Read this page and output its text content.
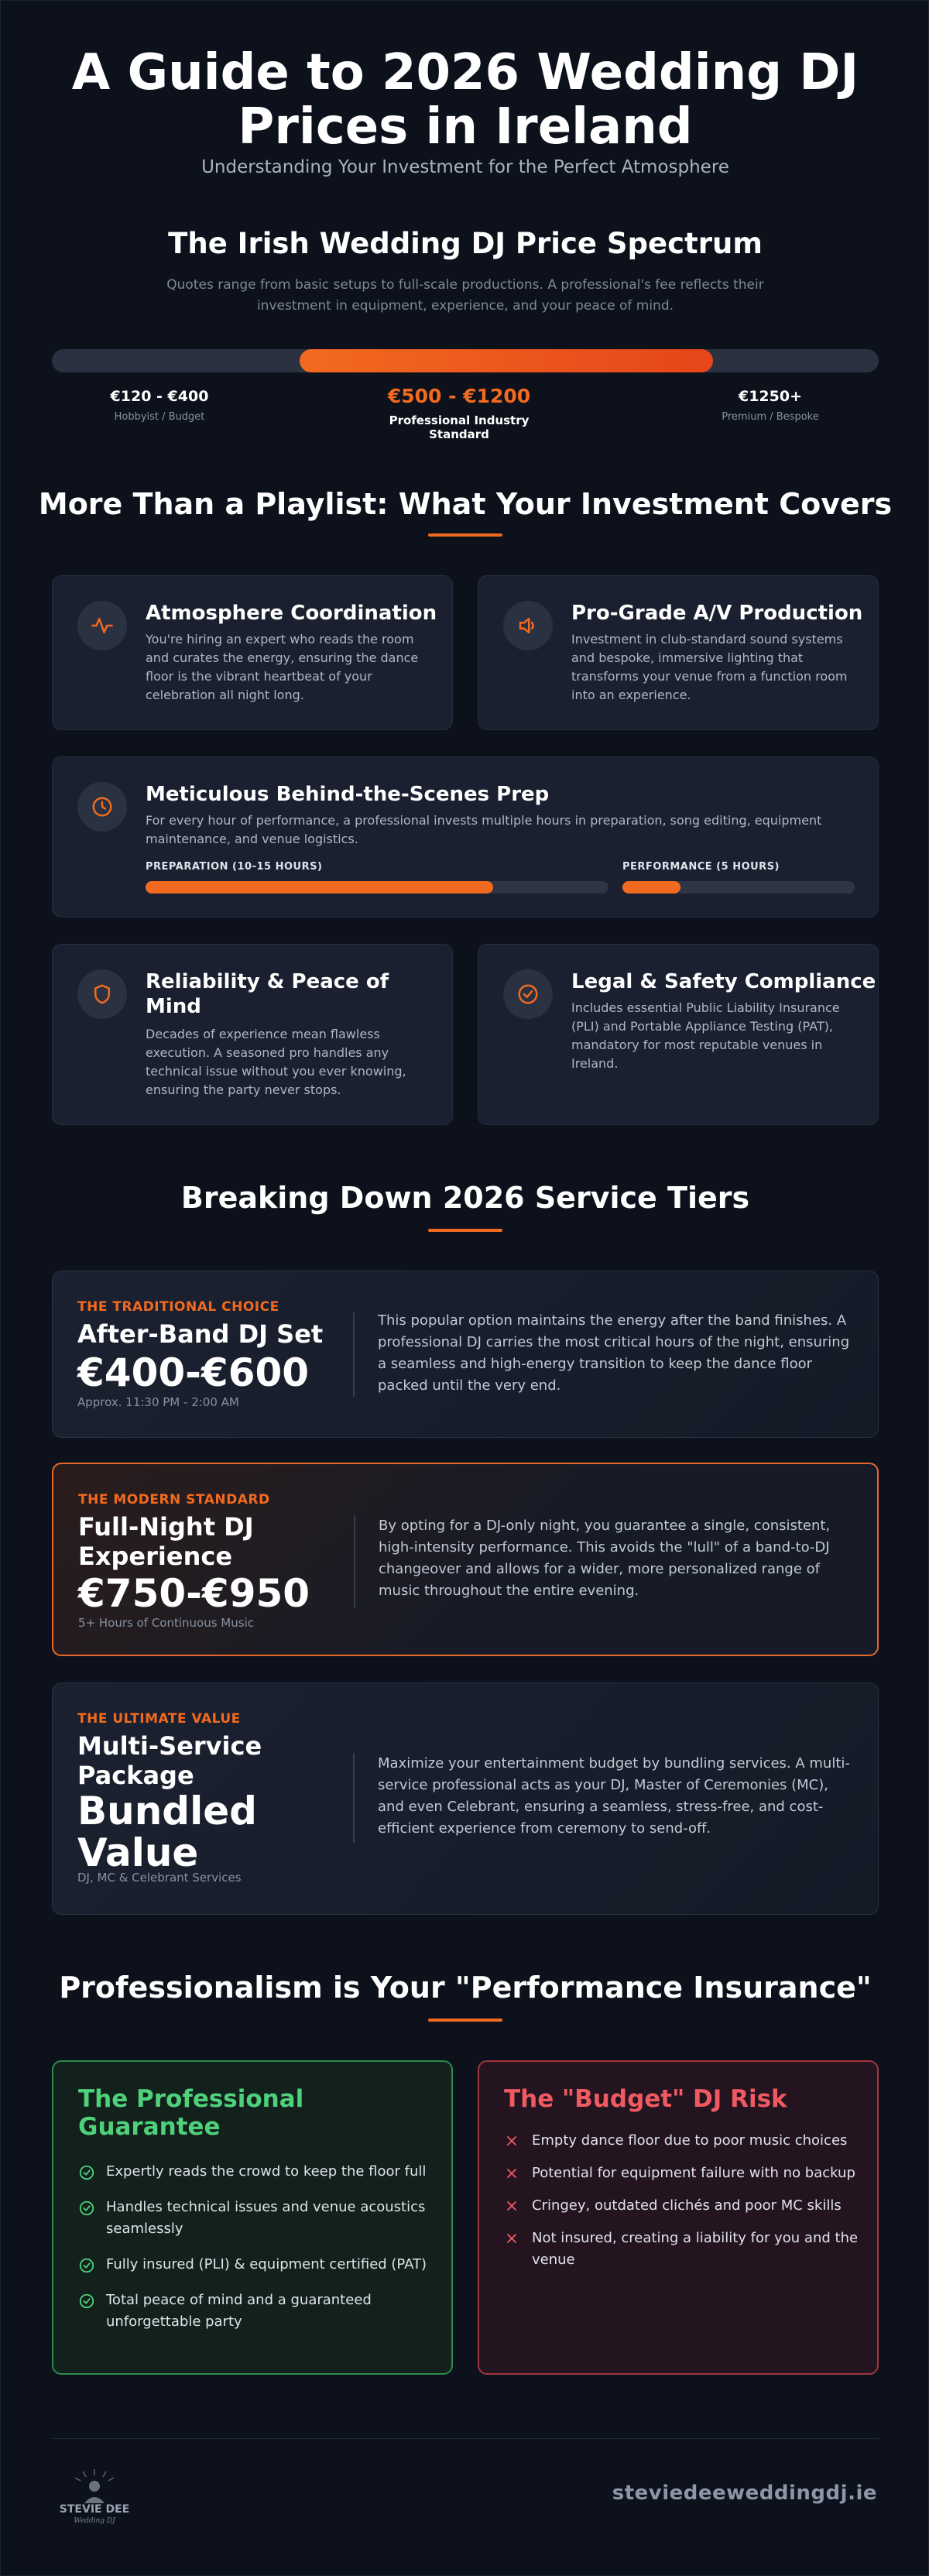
A Guide to 2026 Wedding DJ
Prices in Ireland
Understanding Your Investment for the Perfect Atmosphere
The Irish Wedding DJ Price Spectrum
Quotes range from basic setups to full-scale productions. A professional's fee reflects their investment in equipment, experience, and your peace of mind.
€120 - €400
Hobbyist / Budget
€500 - €1200
Professional Industry Standard
€1250+
Premium / Bespoke
More Than a Playlist: What Your Investment Covers
Atmosphere Coordination
You're hiring an expert who reads the room and curates the energy, ensuring the dance floor is the vibrant heartbeat of your celebration all night long.
Pro-Grade A/V Production
Investment in club-standard sound systems and bespoke, immersive lighting that transforms your venue from a function room into an experience.
Meticulous Behind-the-Scenes Prep
For every hour of performance, a professional invests multiple hours in preparation, song editing, equipment maintenance, and venue logistics.
PREPARATION (10-15 HOURS)	PERFORMANCE (5 HOURS)
Reliability & Peace of Mind
Decades of experience mean flawless execution. A seasoned pro handles any technical issue without you ever knowing, ensuring the party never stops.
Legal & Safety Compliance
Includes essential Public Liability Insurance (PLI) and Portable Appliance Testing (PAT), mandatory for most reputable venues in Ireland.
Breaking Down 2026 Service Tiers
THE TRADITIONAL CHOICE
After-Band DJ Set
€400-€600
Approx. 11:30 PM - 2:00 AM
This popular option maintains the energy after the band finishes. A professional DJ carries the most critical hours of the night, ensuring a seamless and high-energy transition to keep the dance floor packed until the very end.
THE MODERN STANDARD
Full-Night DJ Experience
€750-€950
5+ Hours of Continuous Music
By opting for a DJ-only night, you guarantee a single, consistent, high-intensity performance. This avoids the "lull" of a band-to-DJ changeover and allows for a wider, more personalized range of music throughout the entire evening.
THE ULTIMATE VALUE
Multi-Service Package
Bundled Value
DJ, MC & Celebrant Services
Maximize your entertainment budget by bundling services. A multi-service professional acts as your DJ, Master of Ceremonies (MC), and even Celebrant, ensuring a seamless, stress-free, and cost-efficient experience from ceremony to send-off.
Professionalism is Your "Performance Insurance"
The Professional Guarantee
Expertly reads the crowd to keep the floor full
Handles technical issues and venue acoustics seamlessly
Fully insured (PLI) & equipment certified (PAT)
Total peace of mind and a guaranteed unforgettable party
The "Budget" DJ Risk
Empty dance floor due to poor music choices
Potential for equipment failure with no backup
Cringey, outdated clichés and poor MC skills
Not insured, creating a liability for you and the venue
STEVIE DEE
Wedding DJ
steviedeeweddingdj.ie
